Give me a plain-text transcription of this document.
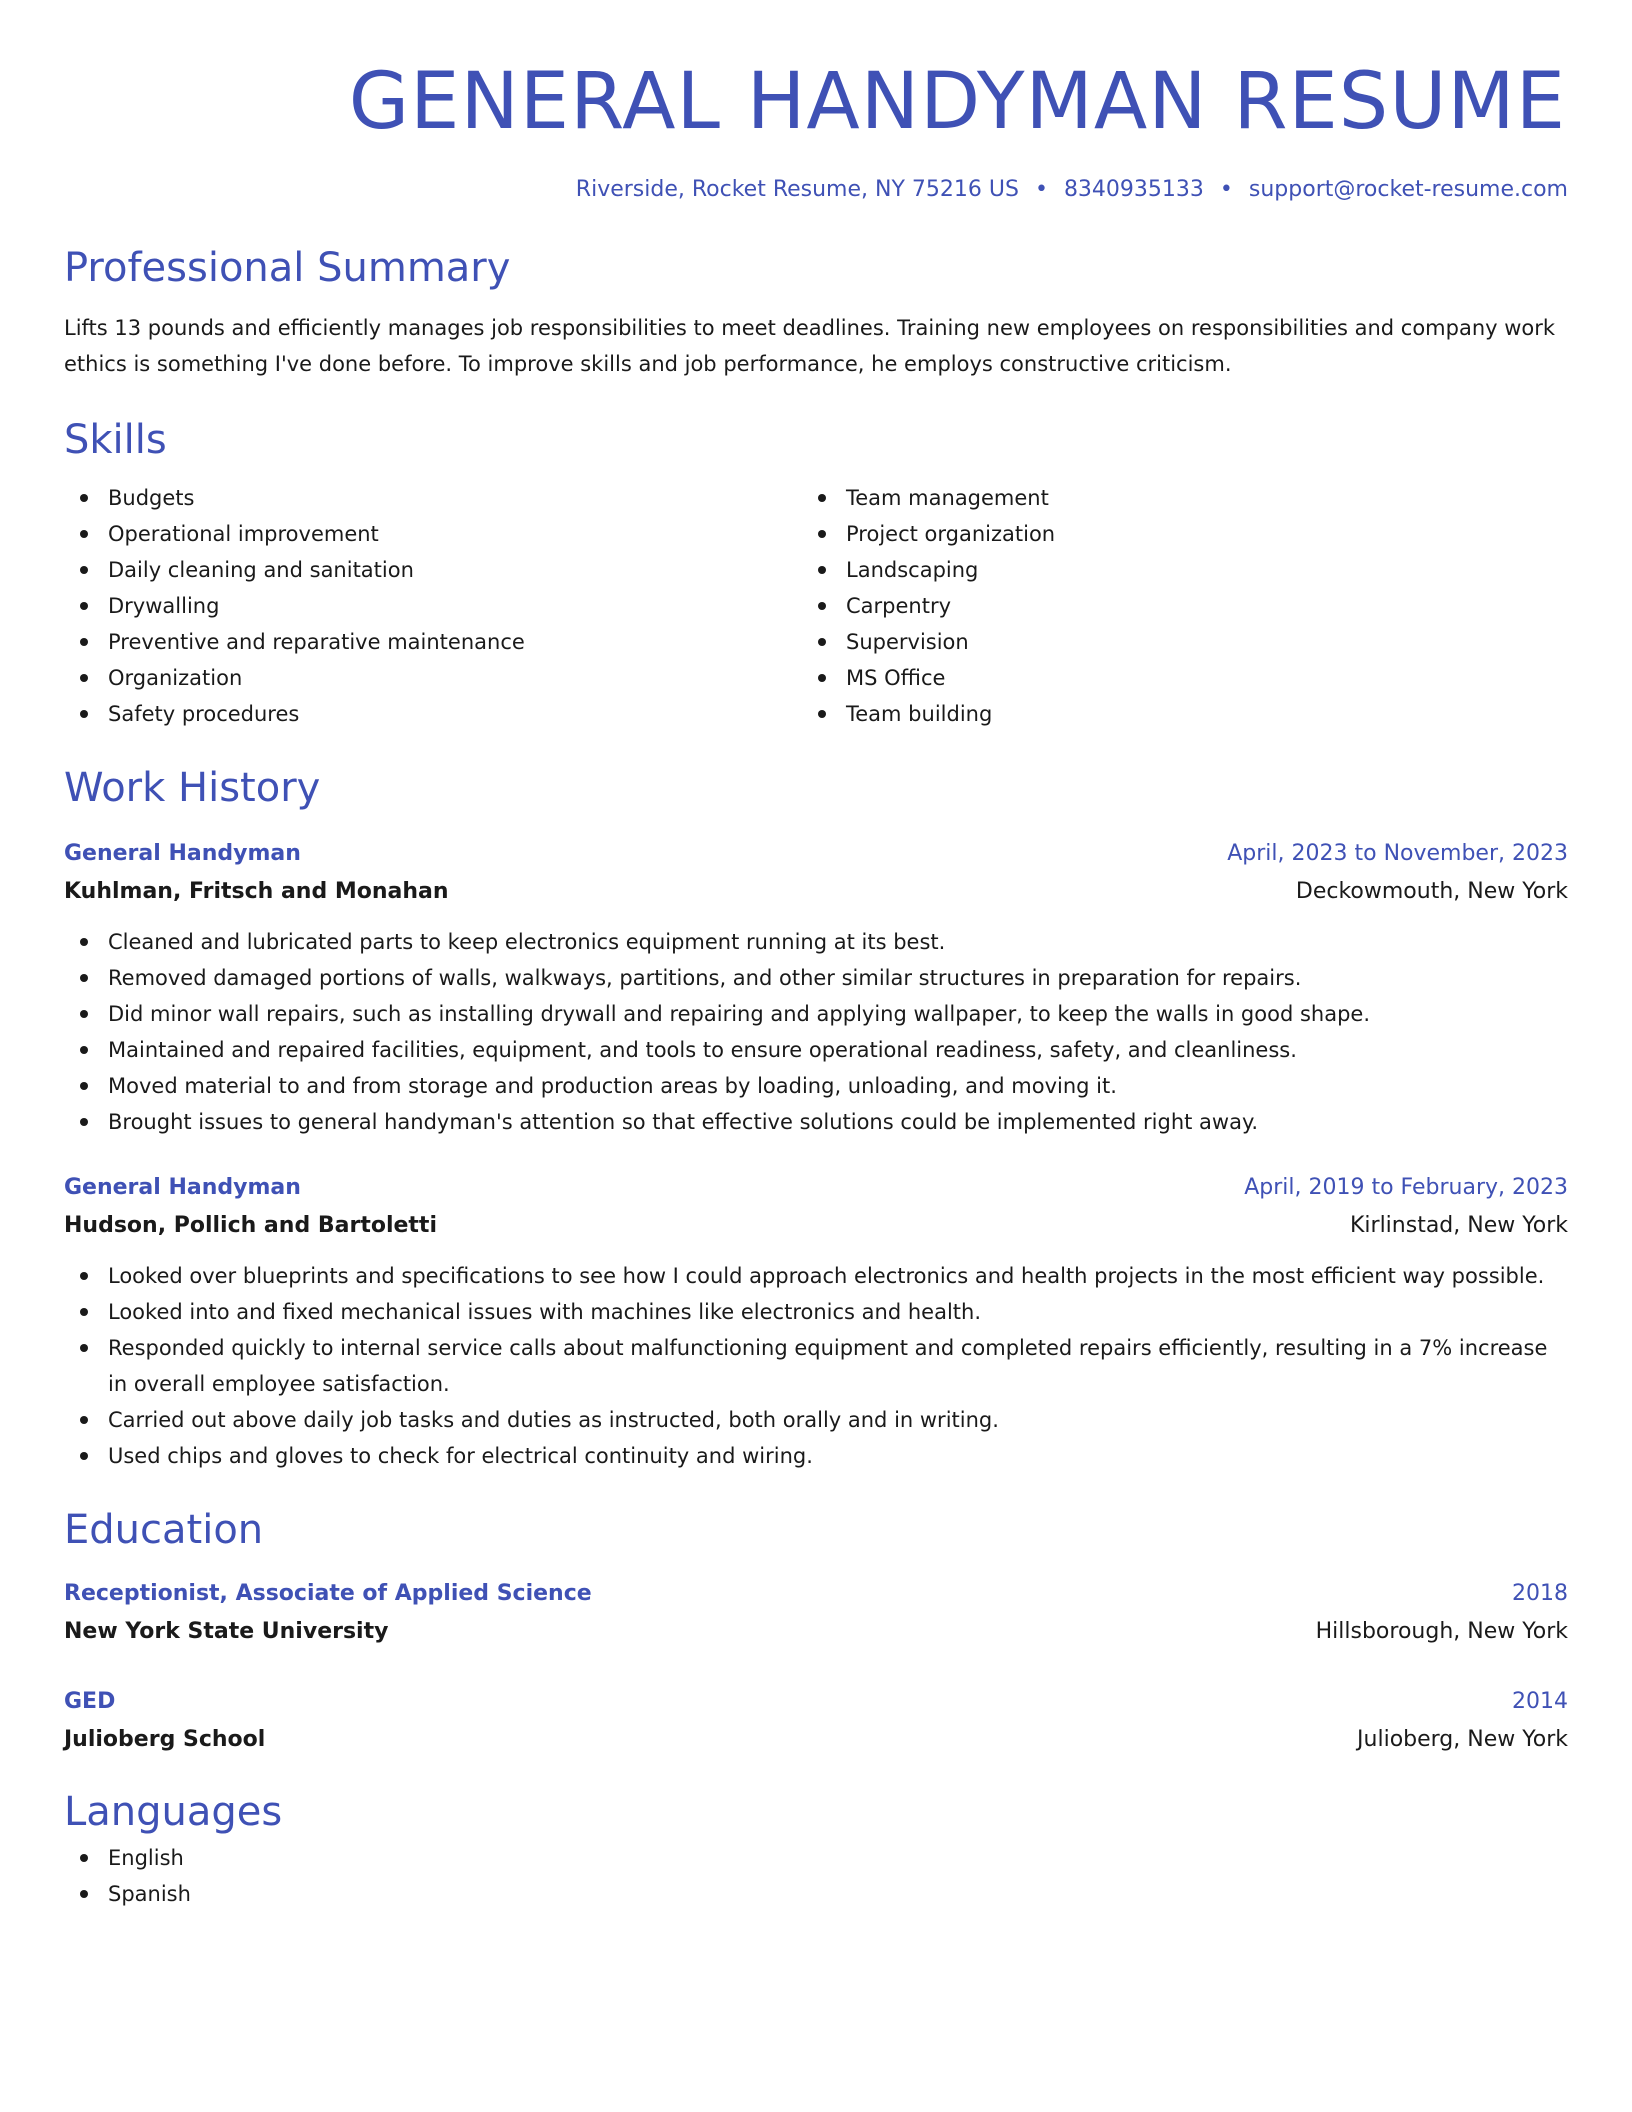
GENERAL HANDYMAN RESUME
Riverside, Rocket Resume, NY 75216 US • 8340935133 • support@rocket-resume.com
Professional Summary
Lifts 13 pounds and efficiently manages job responsibilities to meet deadlines. Training new employees on responsibilities and company work ethics is something I've done before. To improve skills and job performance, he employs constructive criticism.
Skills
Budgets
Operational improvement
Daily cleaning and sanitation
Drywalling
Preventive and reparative maintenance
Organization
Safety procedures
Team management
Project organization
Landscaping
Carpentry
Supervision
MS Office
Team building
Work History
General Handyman	April, 2023 to November, 2023
Kuhlman, Fritsch and Monahan	Deckowmouth, New York
Cleaned and lubricated parts to keep electronics equipment running at its best.
Removed damaged portions of walls, walkways, partitions, and other similar structures in preparation for repairs.
Did minor wall repairs, such as installing drywall and repairing and applying wallpaper, to keep the walls in good shape.
Maintained and repaired facilities, equipment, and tools to ensure operational readiness, safety, and cleanliness.
Moved material to and from storage and production areas by loading, unloading, and moving it.
Brought issues to general handyman's attention so that effective solutions could be implemented right away.
General Handyman	April, 2019 to February, 2023
Hudson, Pollich and Bartoletti	Kirlinstad, New York
Looked over blueprints and specifications to see how I could approach electronics and health projects in the most efficient way possible.
Looked into and fixed mechanical issues with machines like electronics and health.
Responded quickly to internal service calls about malfunctioning equipment and completed repairs efficiently, resulting in a 7% increase in overall employee satisfaction.
Carried out above daily job tasks and duties as instructed, both orally and in writing.
Used chips and gloves to check for electrical continuity and wiring.
Education
Receptionist, Associate of Applied Science	2018
New York State University	Hillsborough, New York
GED	2014
Julioberg School	Julioberg, New York
Languages
English
Spanish
